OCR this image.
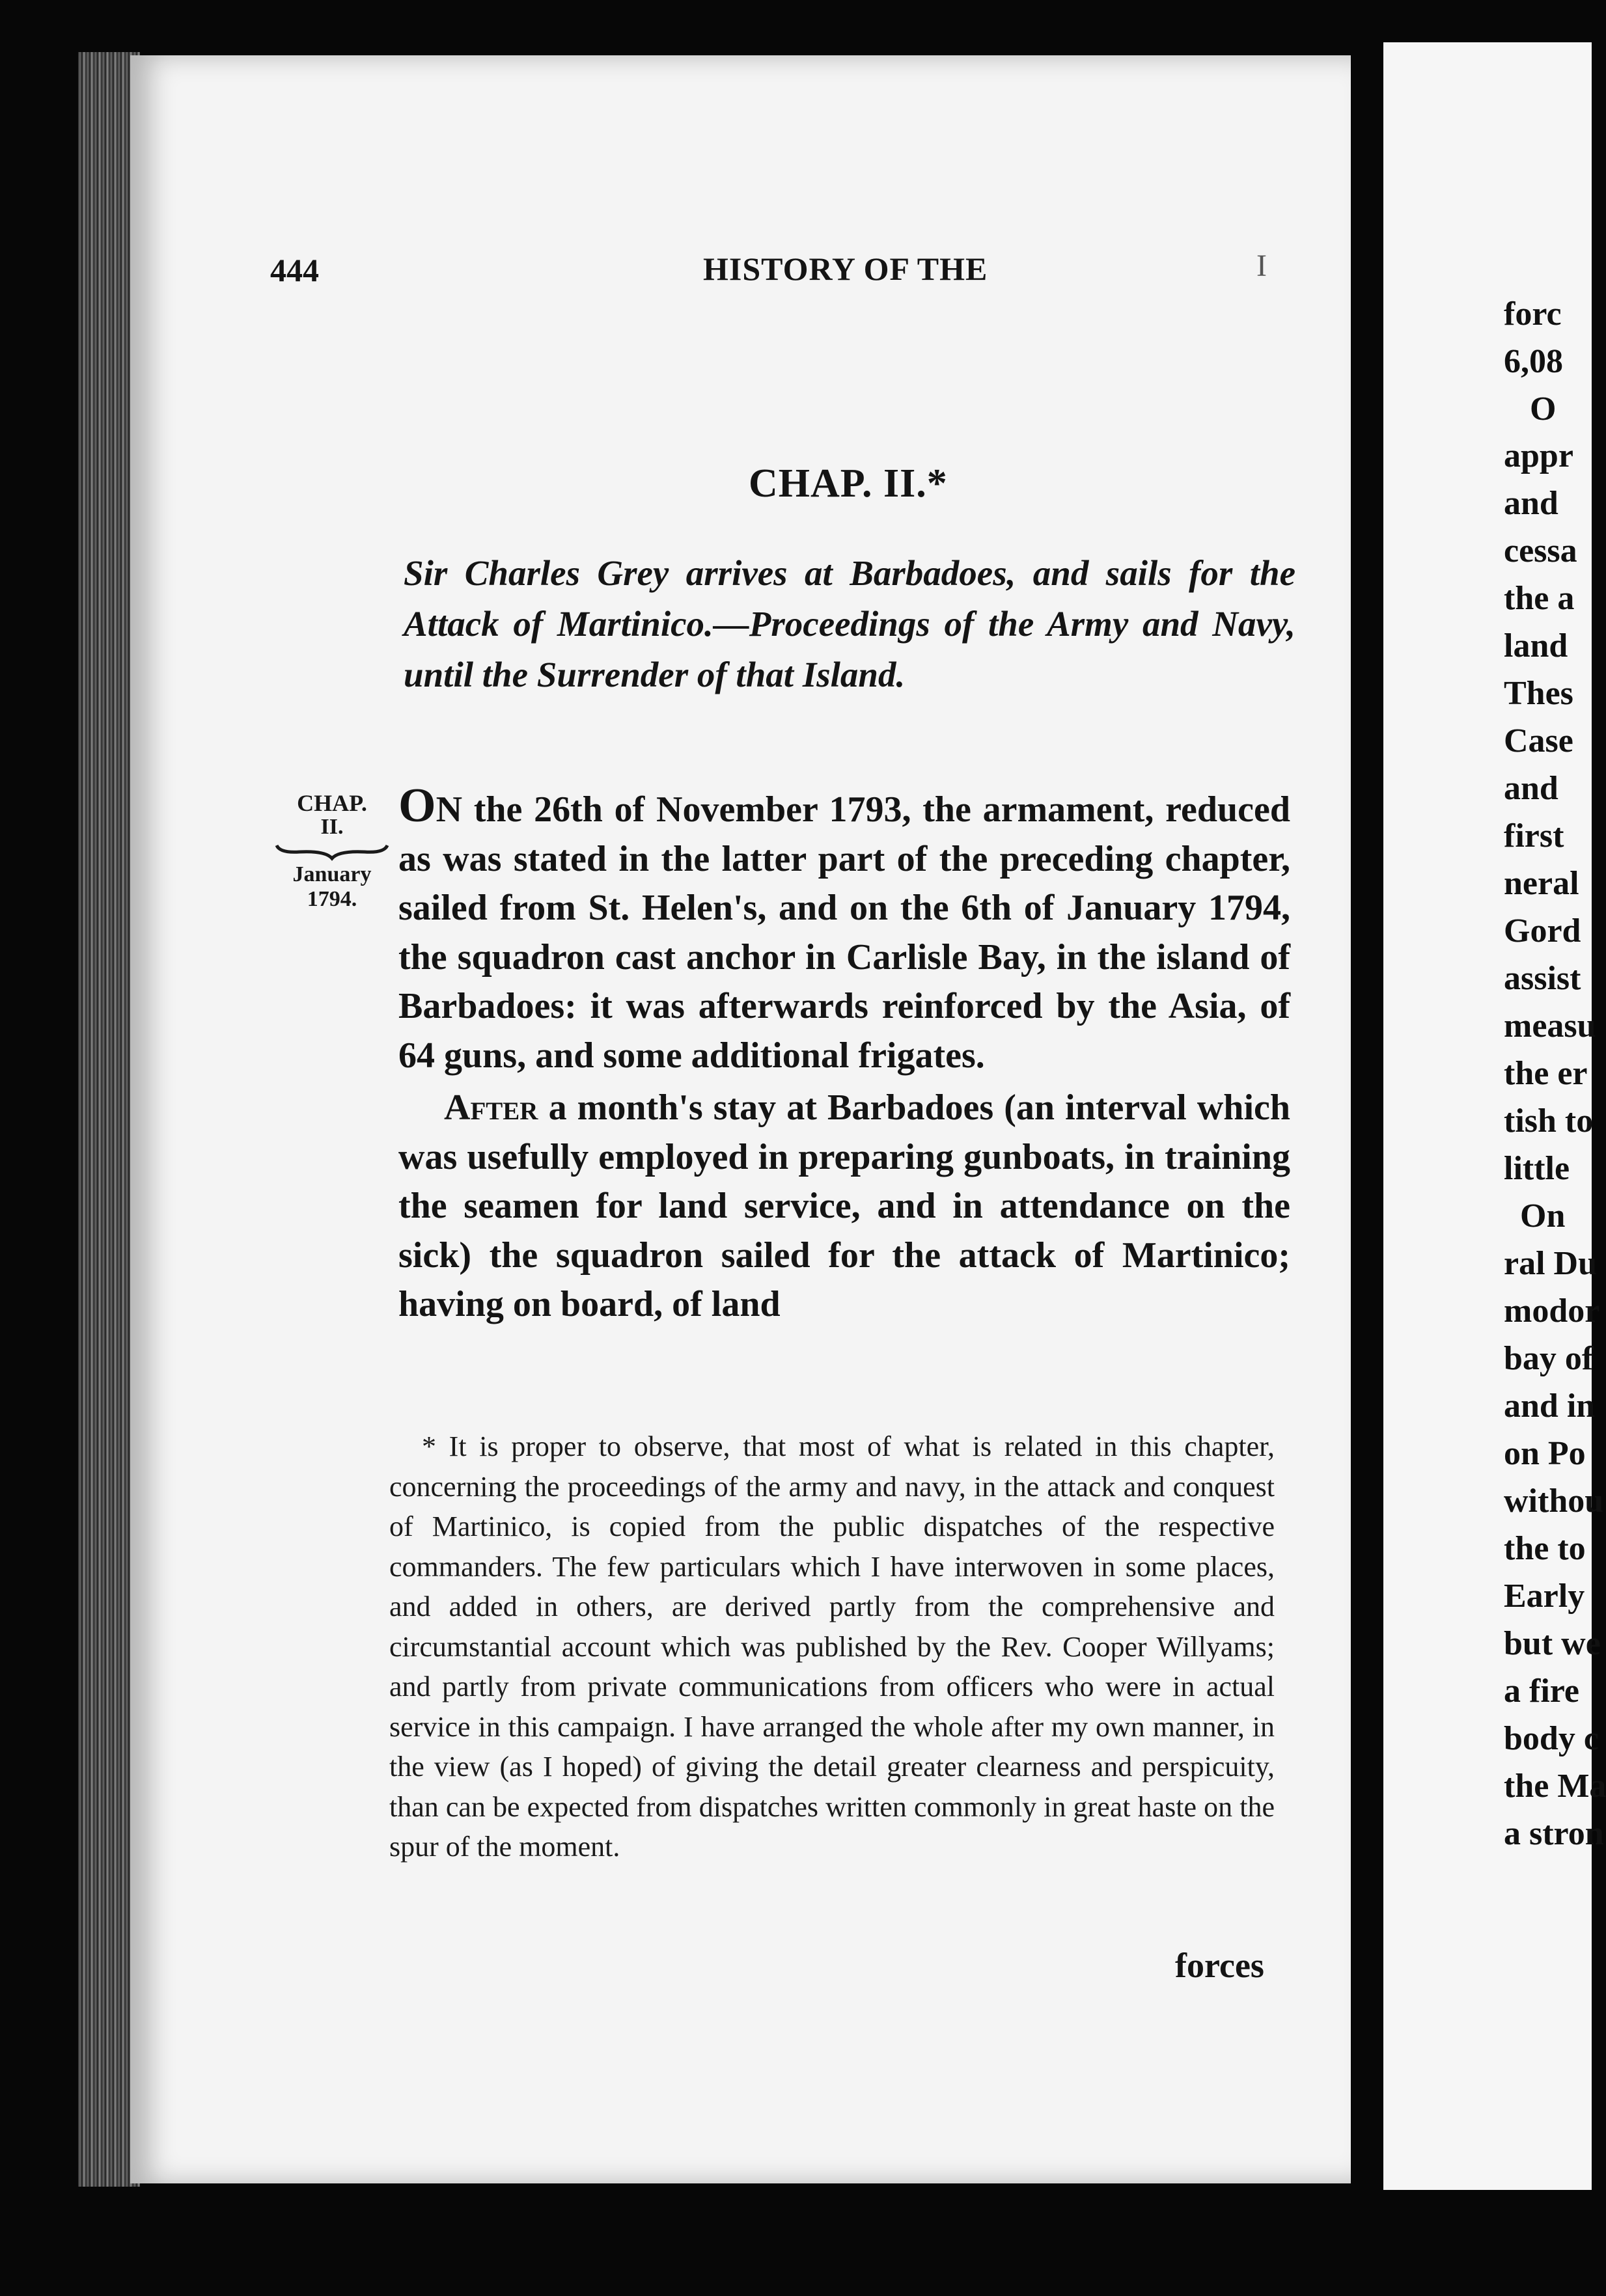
444	HISTORY OF THE	I
CHAP. II.*
Sir Charles Grey arrives at Barbadoes, and sails for the Attack of Martinico.—Proceedings of the Army and Navy, until the Surrender of that Island.
CHAP.
II.
January
1794.

ON the 26th of November 1793, the armament, reduced as was stated in the latter part of the preceding chapter, sailed from St. Helen's, and on the 6th of January 1794, the squadron cast anchor in Carlisle Bay, in the island of Barbadoes: it was afterwards reinforced by the Asia, of 64 guns, and some additional frigates.

After a month's stay at Barbadoes (an interval which was usefully employed in preparing gunboats, in training the seamen for land service, and in attendance on the sick) the squadron sailed for the attack of Martinico; having on board, of land

* It is proper to observe, that most of what is related in this chapter, concerning the proceedings of the army and navy, in the attack and conquest of Martinico, is copied from the public dispatches of the respective commanders. The few particulars which I have interwoven in some places, and added in others, are derived partly from the comprehensive and circumstantial account which was published by the Rev. Cooper Willyams; and partly from private communications from officers who were in actual service in this campaign. I have arranged the whole after my own manner, in the view (as I hoped) of giving the detail greater clearness and perspicuity, than can be expected from dispatches written commonly in great haste on the spur of the moment.

forces
forc
6,08
O
appr
and
cessa
the a
land
Thes
Case
and
first
neral
Gord
assist
measu
the er
tish to
little
On
ral Du
modor
bay of
and in
on Po
withou
the to
Early
but we
a fire
body c
the Ma
a stron
